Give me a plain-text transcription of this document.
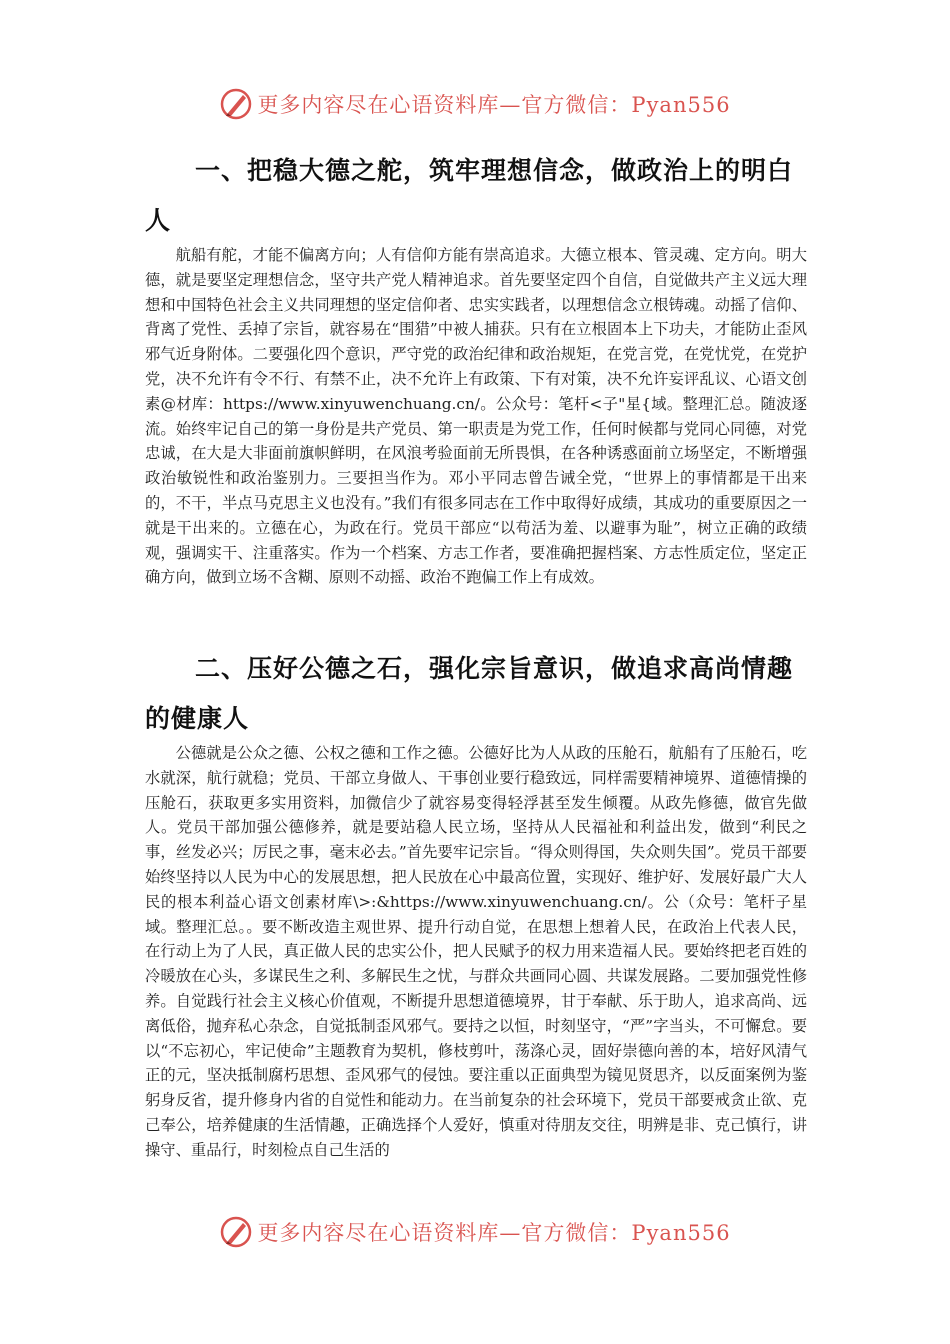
更多内容尽在心语资料库—官方微信：Pyan556
一、把稳大德之舵，筑牢理想信念，做政治上的明白人

航船有舵，才能不偏离方向；人有信仰方能有崇高追求。大德立根本、管灵魂、定方向。明大德，就是要坚定理想信念，坚守共产党人精神追求。首先要坚定四个自信，自觉做共产主义远大理想和中国特色社会主义共同理想的坚定信仰者、忠实实践者，以理想信念立根铸魂。动摇了信仰、背离了党性、丢掉了宗旨，就容易在“围猎”中被人捕获。只有在立根固本上下功夫，才能防止歪风邪气近身附体。二要强化四个意识，严守党的政治纪律和政治规矩，在党言党，在党忧党，在党护党，决不允许有令不行、有禁不止，决不允许上有政策、下有对策，决不允许妄评乱议、心语文创素@材库：https://www.xinyuwenchuang.cn/。公众号：笔杆<子"星{域。整理汇总。随波逐流。始终牢记自己的第一身份是共产党员、第一职责是为党工作，任何时候都与党同心同德，对党忠诚，在大是大非面前旗帜鲜明，在风浪考验面前无所畏惧，在各种诱惑面前立场坚定，不断增强政治敏锐性和政治鉴别力。三要担当作为。邓小平同志曾告诫全党，“世界上的事情都是干出来的，不干，半点马克思主义也没有。”我们有很多同志在工作中取得好成绩，其成功的重要原因之一就是干出来的。立德在心，为政在行。党员干部应“以苟活为羞、以避事为耻”，树立正确的政绩观，强调实干、注重落实。作为一个档案、方志工作者，要准确把握档案、方志性质定位，坚定正确方向，做到立场不含糊、原则不动摇、政治不跑偏工作上有成效。

二、压好公德之石，强化宗旨意识，做追求高尚情趣的健康人

公德就是公众之德、公权之德和工作之德。公德好比为人从政的压舱石，航船有了压舱石，吃水就深，航行就稳；党员、干部立身做人、干事创业要行稳致远，同样需要精神境界、道德情操的压舱石，获取更多实用资料，加微信少了就容易变得轻浮甚至发生倾覆。从政先修德，做官先做人。党员干部加强公德修养，就是要站稳人民立场，坚持从人民福祉和利益出发，做到“利民之事，丝发必兴；厉民之事，毫末必去。”首先要牢记宗旨。“得众则得国，失众则失国”。党员干部要始终坚持以人民为中心的发展思想，把人民放在心中最高位置，实现好、维护好、发展好最广大人民的根本利益心语文创素材库\>:&https://www.xinyuwenchuang.cn/。公（众号：笔杆子星域。整理汇总。。要不断改造主观世界、提升行动自觉，在思想上想着人民，在政治上代表人民，在行动上为了人民，真正做人民的忠实公仆，把人民赋予的权力用来造福人民。要始终把老百姓的冷暖放在心头，多谋民生之利、多解民生之忧，与群众共画同心圆、共谋发展路。二要加强党性修养。自觉践行社会主义核心价值观，不断提升思想道德境界，甘于奉献、乐于助人，追求高尚、远离低俗，抛弃私心杂念，自觉抵制歪风邪气。要持之以恒，时刻坚守，“严”字当头，不可懈怠。要以“不忘初心，牢记使命”主题教育为契机，修枝剪叶，荡涤心灵，固好崇德向善的本，培好风清气正的元，坚决抵制腐朽思想、歪风邪气的侵蚀。要注重以正面典型为镜见贤思齐，以反面案例为鉴躬身反省，提升修身内省的自觉性和能动力。在当前复杂的社会环境下，党员干部要戒贪止欲、克己奉公，培养健康的生活情趣，正确选择个人爱好，慎重对待朋友交往，明辨是非、克己慎行，讲操守、重品行，时刻检点自己生活的

更多内容尽在心语资料库—官方微信：Pyan556
